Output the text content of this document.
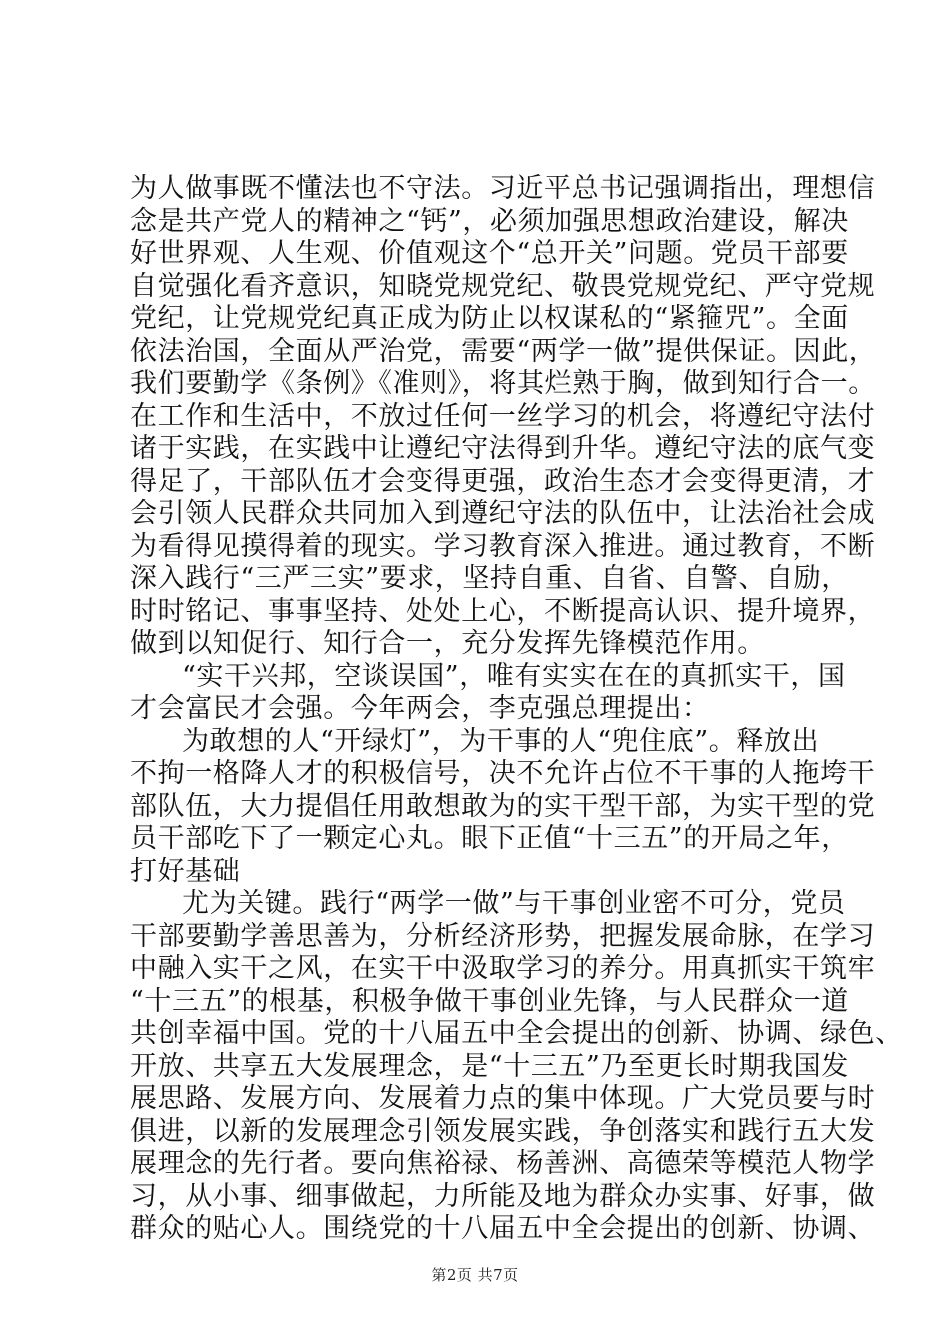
为人做事既不懂法也不守法。习近平总书记强调指出，理想信
念是共产党人的精神之“钙”，必须加强思想政治建设，解决
好世界观、人生观、价值观这个“总开关”问题。党员干部要
自觉强化看齐意识，知晓党规党纪、敬畏党规党纪、严守党规
党纪，让党规党纪真正成为防止以权谋私的“紧箍咒”。全面
依法治国，全面从严治党，需要“两学一做”提供保证。因此，
我们要勤学《条例》《准则》，将其烂熟于胸，做到知行合一。
在工作和生活中，不放过任何一丝学习的机会，将遵纪守法付
诸于实践，在实践中让遵纪守法得到升华。遵纪守法的底气变
得足了，干部队伍才会变得更强，政治生态才会变得更清，才
会引领人民群众共同加入到遵纪守法的队伍中，让法治社会成
为看得见摸得着的现实。学习教育深入推进。通过教育，不断
深入践行“三严三实”要求，坚持自重、自省、自警、自励，
时时铭记、事事坚持、处处上心，不断提高认识、提升境界，
做到以知促行、知行合一，充分发挥先锋模范作用。
“实干兴邦，空谈误国”，唯有实实在在的真抓实干，国
才会富民才会强。今年两会，李克强总理提出：
为敢想的人“开绿灯”，为干事的人“兜住底”。释放出
不拘一格降人才的积极信号，决不允许占位不干事的人拖垮干
部队伍，大力提倡任用敢想敢为的实干型干部，为实干型的党
员干部吃下了一颗定心丸。眼下正值“十三五”的开局之年，
打好基础
尤为关键。践行“两学一做”与干事创业密不可分，党员
干部要勤学善思善为，分析经济形势，把握发展命脉，在学习
中融入实干之风，在实干中汲取学习的养分。用真抓实干筑牢
“十三五”的根基，积极争做干事创业先锋，与人民群众一道
共创幸福中国。党的十八届五中全会提出的创新、协调、绿色、
开放、共享五大发展理念，是“十三五”乃至更长时期我国发
展思路、发展方向、发展着力点的集中体现。广大党员要与时
俱进，以新的发展理念引领发展实践，争创落实和践行五大发
展理念的先行者。要向焦裕禄、杨善洲、高德荣等模范人物学
习，从小事、细事做起，力所能及地为群众办实事、好事，做
群众的贴心人。围绕党的十八届五中全会提出的创新、协调、
第2页 共7页
